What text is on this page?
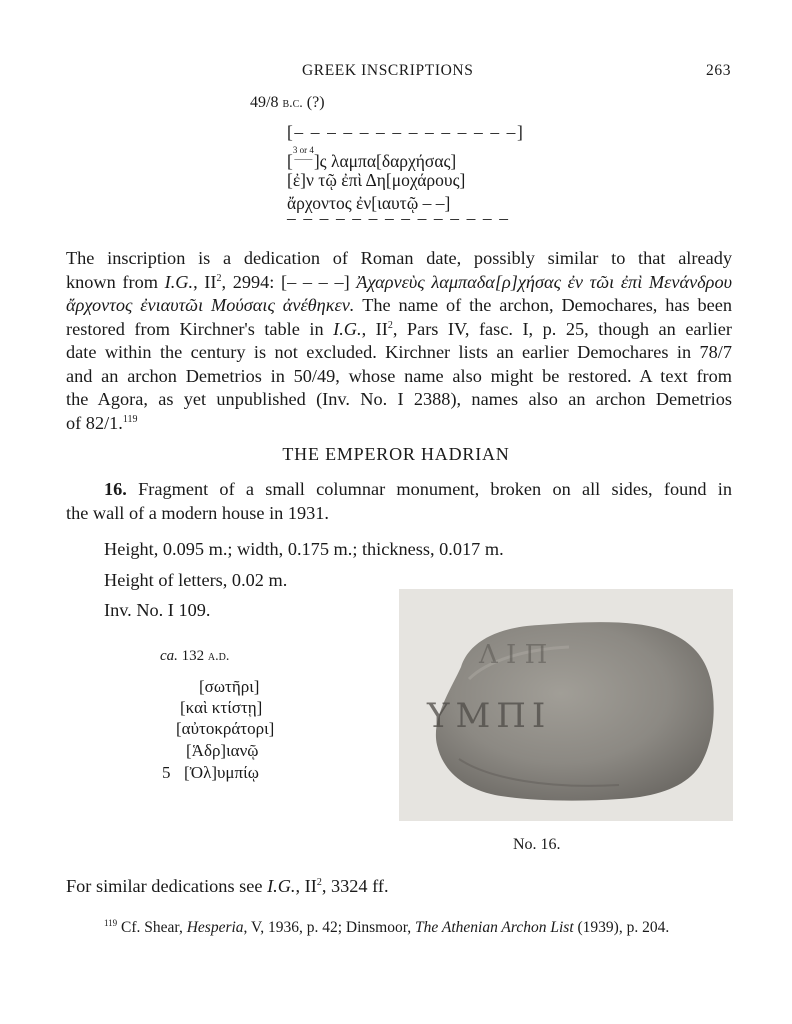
GREEK INSCRIPTIONS	263
49/8 b.c. (?)
[– – – – – – – – – – – – – –]
[3 or 4
——]ς λαμπα[δαρχήσας]
[ἐ]ν τῷ ἐπὶ Δη[μοχάρους]
ἄρχοντος ἐν[ιαυτῷ – –]
– – – – – – – – – – – – – –
The inscription is a dedication of Roman date, possibly similar to that already
known from I.G., $II^2$, 2994: [– – – –] Ἀχαρνεὺς λαμπαδα[ρ]χήσας ἐν τῶι ἐπὶ Μενάνδρου
ἄρχοντος ἐνιαυτῶι Μούσαις ἀνέθηκεν. The name of the archon, Demochares, has been
restored from Kirchner's table in I.G., $II^2$, Pars IV, fasc. I, p. 25, though an earlier
date within the century is not excluded. Kirchner lists an earlier Demochares in 78/7
and an archon Demetrios in 50/49, whose name also might be restored. A text from
the Agora, as yet unpublished (Inv. No. I 2388), names also an archon Demetrios
of 82/1.$^{119}$
THE EMPEROR HADRIAN
16. Fragment of a small columnar monument, broken on all sides, found in
the wall of a modern house in 1931.
Height, 0.095 m.; width, 0.175 m.; thickness, 0.017 m.
Height of letters, 0.02 m.
Inv. No. I 109.
ca. 132 a.d.
[σωτῆρι]
[καὶ κτίστῃ]
[αὐτοκράτορι]
[Ἁδρ]ιανῷ
5 [Ὀλ]υμπίῳ
Λ Ι Π
ΥΜΠΙ
No. 16.
For similar dedications see I.G., $II^2$, 3324 ff.
$^{119}$ Cf. Shear, Hesperia, V, 1936, p. 42; Dinsmoor, The Athenian Archon List (1939), p. 204.
